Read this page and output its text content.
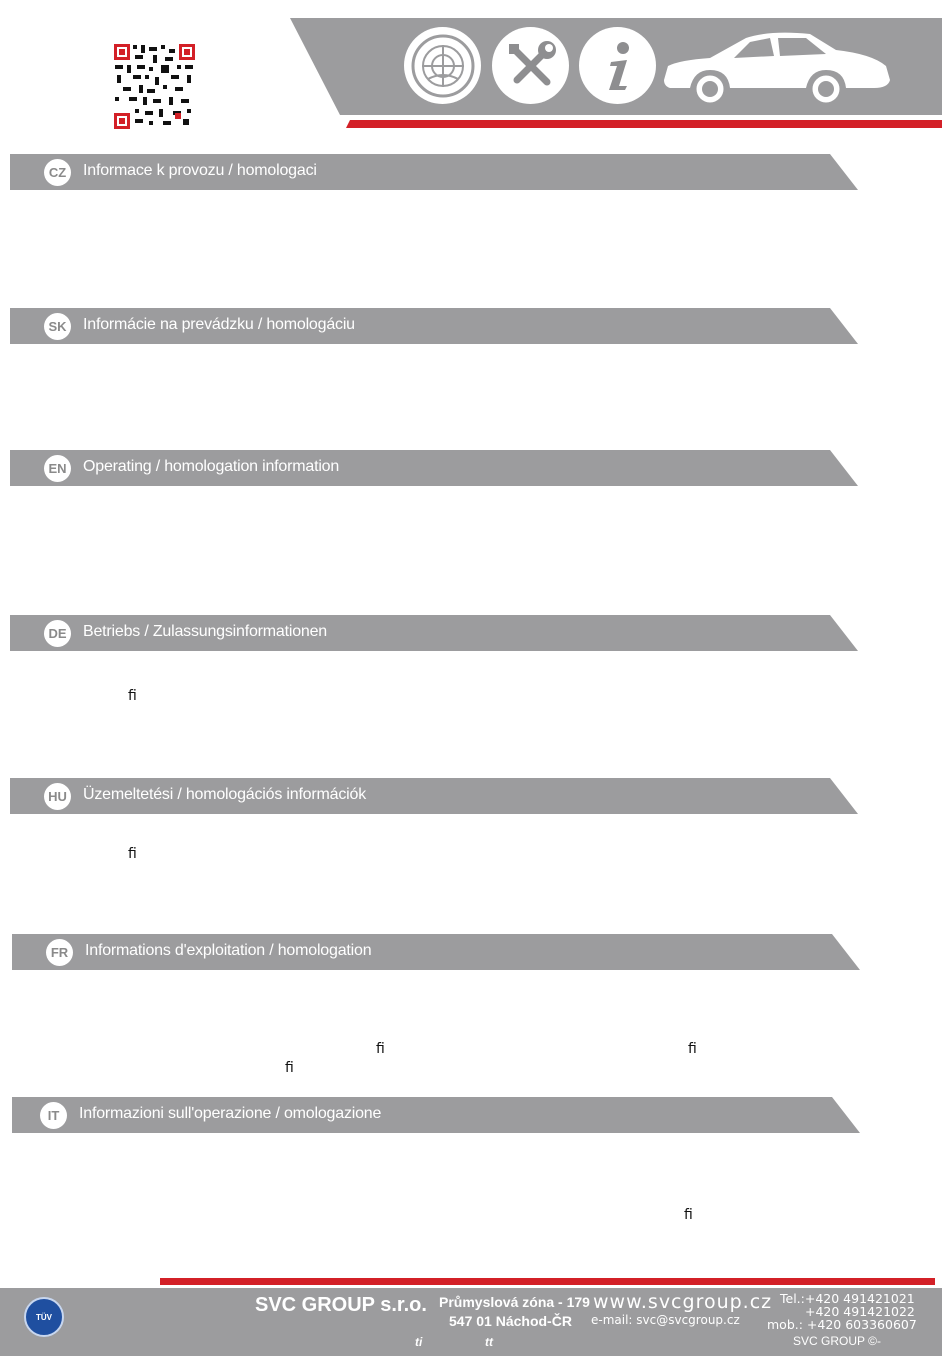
CZ	Informace k provozu / homologaci
SK Informácie na prevádzku / homologáciu
EN Operating / homologation information
DE Betriebs / Zulassungsinformationen
ﬁ
HU Üzemeltetési / homologációs információk
ﬁ
FR	Informations d'exploitation / homologation
ﬁ	ﬁ
ﬁ
IT	Informazioni sull'operazione / omologazione
ﬁ
TÜV
SVC GROUP s.r.o. Průmyslová zóna - 179
547 01 Náchod-ČR
www.svcgroup.cz
e-mail: svc@svcgroup.cz
Tel.:+420 491421021
+420 491421022
mob.: +420 603360607
SVC GROUP ©-
ti	tt
